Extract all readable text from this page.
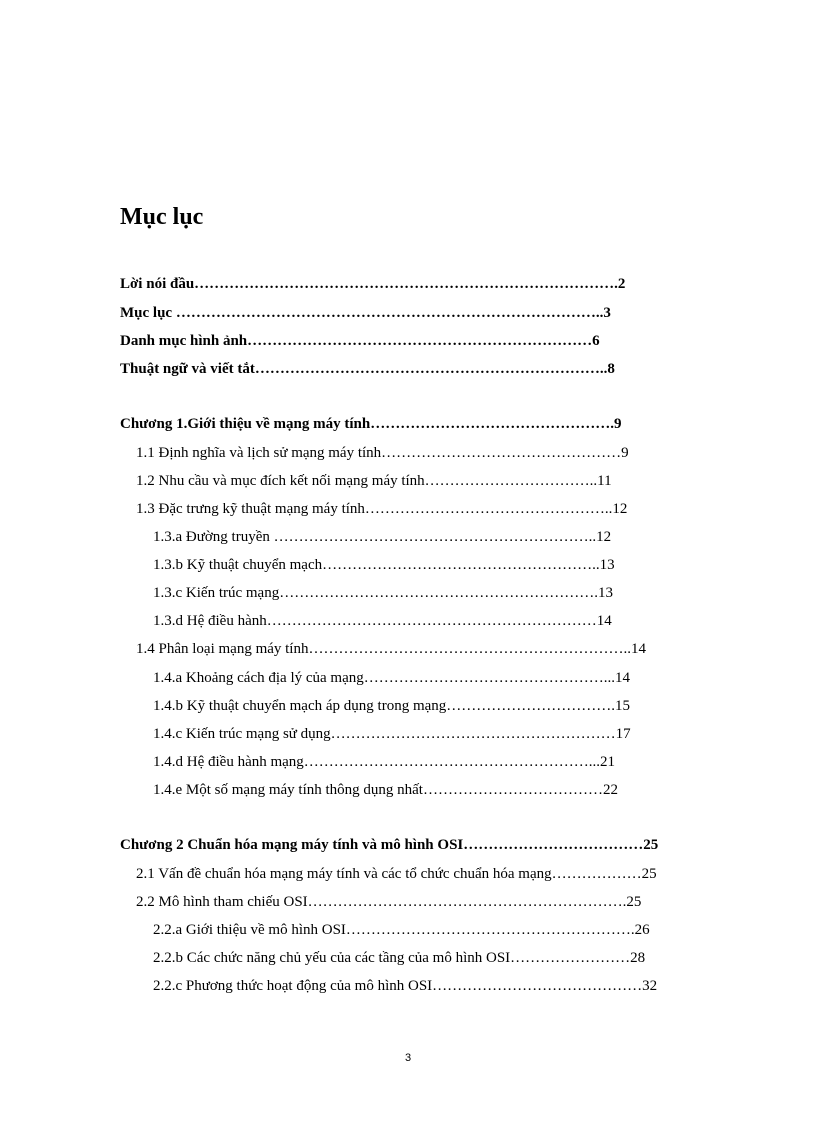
Mục lục
Lời nói đầu………………………………………………………………………….2
Mục lục …………………………………………………………………………..3
Danh mục hình ảnh……………………………………………………………6
Thuật ngữ và viết tắt……………………………………………………………..8
Chương 1.Giới thiệu về mạng máy tính………………………………………….9
1.1 Định nghĩa và lịch sử mạng máy tính…………………………………………9
1.2 Nhu cầu và mục đích kết nối mạng máy tính……………………………..11
1.3 Đặc trưng kỹ thuật mạng máy tính…………………………………………..12
1.3.a Đường truyền ………………………………………………………..12
1.3.b Kỹ thuật chuyển mạch………………………………………………..13
1.3.c Kiến trúc mạng……………………………………………………….13
1.3.d Hệ điều hành…………………………………………………………14
1.4 Phân loại mạng máy tính………………………………………………………..14
1.4.a Khoảng cách địa lý của mạng…………………………………………...14
1.4.b Kỹ thuật chuyển mạch áp dụng trong mạng…………………………….15
1.4.c Kiến trúc mạng sử dụng…………………………………………………17
1.4.d Hệ điều hành mạng…………………………………………………...21
1.4.e Một số mạng máy tính thông dụng nhất………………………………22
Chương 2 Chuẩn hóa mạng máy tính và mô hình OSI………………………………25
2.1 Vấn đề chuẩn hóa mạng máy tính và các tổ chức chuẩn hóa mạng………………25
2.2 Mô hình tham chiếu OSI……………………………………………………….25
2.2.a Giới thiệu về mô hình OSI………………………………………………….26
2.2.b Các chức năng chủ yếu của các tầng của mô hình OSI……………………28
2.2.c Phương thức hoạt động của mô hình OSI……………………………………32
3
